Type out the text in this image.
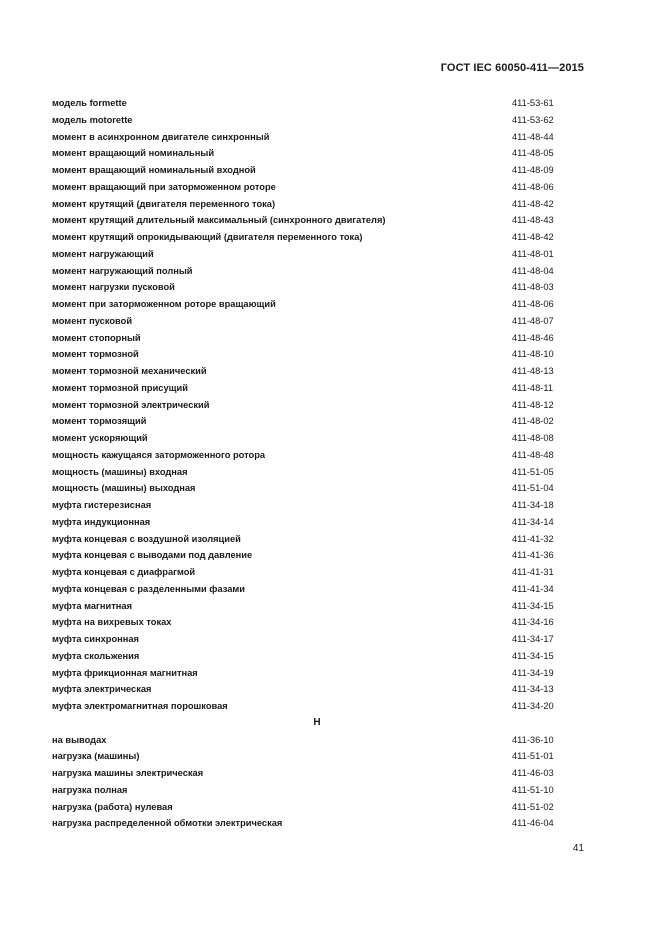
ГОСТ IEC 60050-411—2015
модель formette	411-53-61
модель motorette	411-53-62
момент в асинхронном двигателе синхронный	411-48-44
момент вращающий номинальный	411-48-05
момент вращающий номинальный входной	411-48-09
момент вращающий при заторможенном роторе	411-48-06
момент крутящий (двигателя переменного тока)	411-48-42
момент крутящий длительный максимальный (синхронного двигателя)	411-48-43
момент крутящий опрокидывающий (двигателя переменного тока)	411-48-42
момент нагружающий	411-48-01
момент нагружающий полный	411-48-04
момент нагрузки пусковой	411-48-03
момент при заторможенном роторе вращающий	411-48-06
момент пусковой	411-48-07
момент стопорный	411-48-46
момент тормозной	411-48-10
момент тормозной механический	411-48-13
момент тормозной присущий	411-48-11
момент тормозной электрический	411-48-12
момент тормозящий	411-48-02
момент ускоряющий	411-48-08
мощность кажущаяся заторможенного ротора	411-48-48
мощность (машины) входная	411-51-05
мощность (машины) выходная	411-51-04
муфта гистерезисная	411-34-18
муфта индукционная	411-34-14
муфта концевая с воздушной изоляцией	411-41-32
муфта концевая с выводами под давление	411-41-36
муфта концевая с диафрагмой	411-41-31
муфта концевая с разделенными фазами	411-41-34
муфта магнитная	411-34-15
муфта на вихревых токах	411-34-16
муфта синхронная	411-34-17
муфта скольжения	411-34-15
муфта фрикционная магнитная	411-34-19
муфта электрическая	411-34-13
муфта электромагнитная порошковая	411-34-20
Н
на выводах	411-36-10
нагрузка (машины)	411-51-01
нагрузка машины электрическая	411-46-03
нагрузка полная	411-51-10
нагрузка (работа) нулевая	411-51-02
нагрузка распределенной обмотки электрическая	411-46-04
41
